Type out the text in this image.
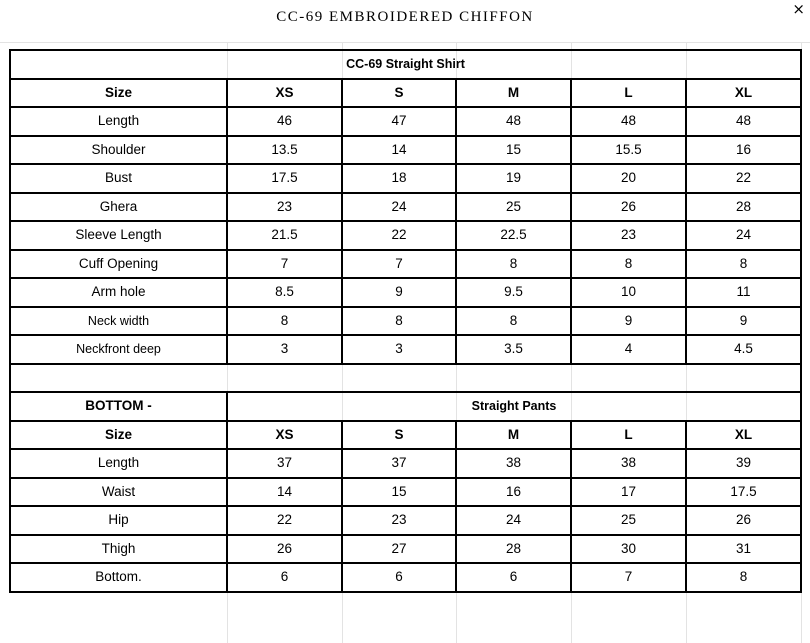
CC-69 EMBROIDERED CHIFFON	×
CC-69 Straight Shirt					
Size	XS	S	M	L	XL
Length	46	47	48	48	48
Shoulder	13.5	14	15	15.5	16
Bust	17.5	18	19	20	22
Ghera	23	24	25	26	28
Sleeve Length	21.5	22	22.5	23	24
Cuff Opening	7	7	8	8	8
Arm hole	8.5	9	9.5	10	11
Neck width	8	8	8	9	9
Neckfront deep	3	3	3.5	4	4.5

BOTTOM -	Straight Pants				
Size	XS	S	M	L	XL
Length	37	37	38	38	39
Waist	14	15	16	17	17.5
Hip	22	23	24	25	26
Thigh	26	27	28	30	31
Bottom.	6	6	6	7	8
